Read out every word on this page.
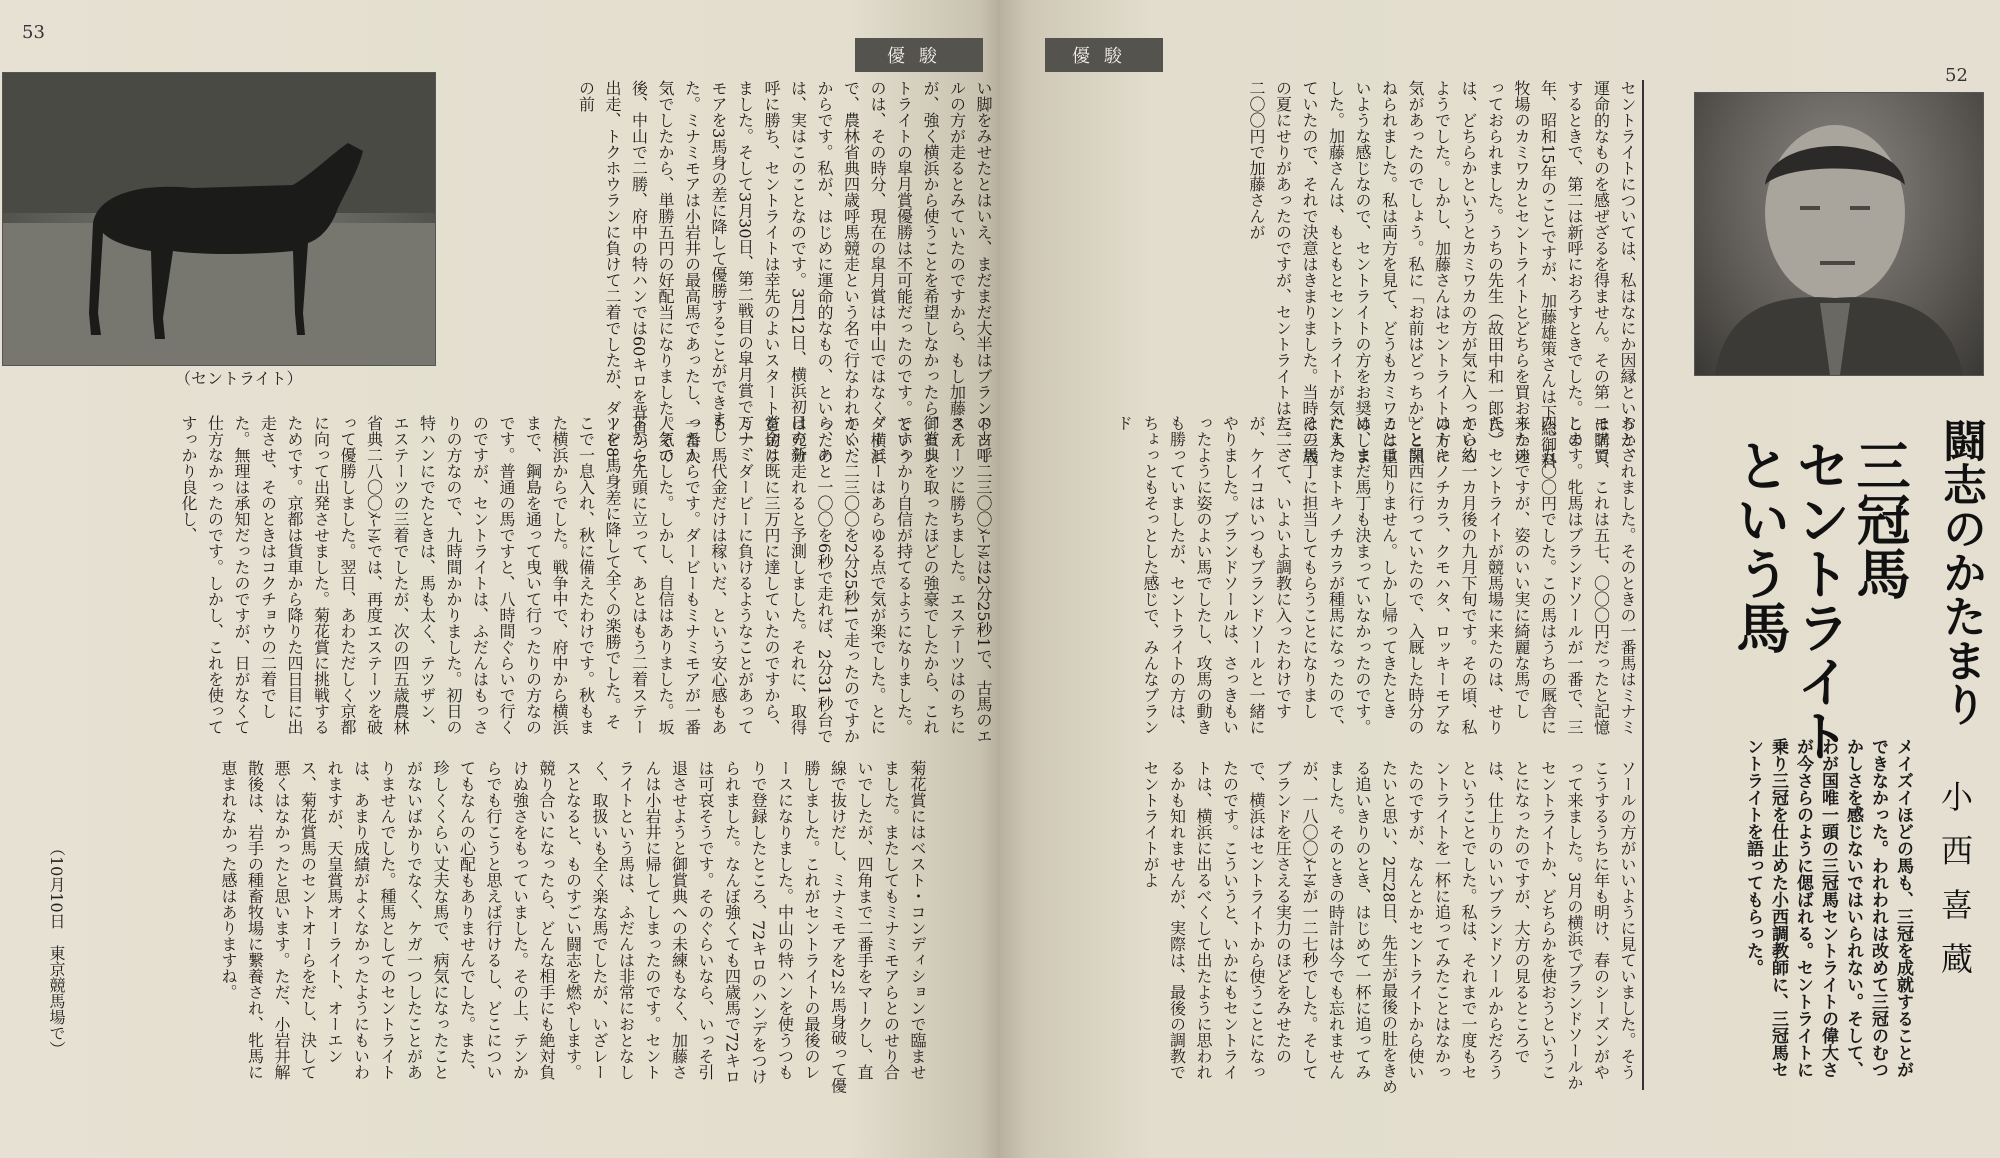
53
優駿
（セントライト）	い脚をみせたとはいえ、まだまだ大半はブランドソールの方が走るとみていたのですから、もし加藤さんが、強く横浜から使うことを希望しなかったら、セントライトの皐月賞優勝は不可能だったのです。というのは、その時分、現在の皐月賞は中山ではなく、横浜で、農林省典四歳呼馬競走という名で行なわれていたからです。私が、はじめに運命的なもの、といったのは、実はこのことなのです。3月12日、横浜初日の新呼に勝ち、セントライトは幸先のよいスタートを切りました。そして3月30日、第二戦目の皐月賞でミナミモアを3馬身の差に降して優勝することができました。ミナミモアは小岩井の最高馬であったし、一番人気でしたから、単勝五円の好配当になりました。その後、中山で二勝、府中の特ハンでは60キロを背負って出走、トクホウランに負けて二着でしたが、ダービーの前
の古呼二三〇〇ﾒｰﾄﾙは2分25秒1で、古馬のエステーツに勝ちました。エステーツはのちに御賞典を取ったほどの強豪でしたから、これですっかり自信が持てるようになりました。ダービーはあらゆる点で気が楽でした。とにかく、二三〇〇を2分25秒1で走ったのですから、あと一〇〇を6秒で走れば、2分31秒台では充分走れると予測しました。それに、取得賞金は既に三万円に達していたのですから、万一、ダービーに負けるようなことがあっても、馬代金だけは稼いだ、という安心感もあったからです。ダービーもミナミモアが一番人気でした。しかし、自信はありました。坂下から先頭に立って、あとはもう二着ステーツを8馬身差に降して全くの楽勝でした。そこで一息入れ、秋に備えたわけです。秋もまた横浜からでした。戦争中で、府中から横浜まで、鋼島を通って曳いて行ったりの方なのです。普通の馬ですと、八時間ぐらいで行くのですが、セントライトは、ふだんはもっさりの方なので、九時間かかりました。初日の特ハンにでたときは、馬も太く、テツザン、エステーツの三着でしたが、次の四五歳農林省典二八〇〇ﾒｰﾄﾙでは、再度エステーツを破って優勝しました。翌日、あわただしく京都に向って出発させました。菊花賞に挑戦するためです。京都は貨車から降りた四日目に出走させ、そのときはコクチョウの二着でした。無理は承知だったのですが、日がなくて仕方なかったのです。しかし、これを使ってすっかり良化し、
菊花賞にはベスト・コンディションで臨ませました。またしてもミナミモアらとのせり合いでしたが、四角まで二番手をマークし、直線で抜けだし、ミナミモアを2½馬身破って優勝しました。これがセントライトの最後のレースになりました。中山の特ハンを使うつもりで登録したところ、72キロのハンデをつけられました。なんぼ強くても四歳馬で72キロは可哀そうです。そのぐらいなら、いっそ引退させようと御賞典への未練もなく、加藤さんは小岩井に帰してしまったのです。セントライトという馬は、ふだんは非常におとなしく、取扱いも全く楽な馬でしたが、いざレースとなると、ものすごい闘志を燃やします。競り合いになったら、どんな相手にも絶対負けぬ強さをもっていました。その上、テンからでも行こうと思えば行けるし、どこについてもなんの心配もありませんでした。また、珍しくくらい丈夫な馬で、病気になったことがないばかりでなく、ケガ一つしたことがありませんでした。種馬としてのセントライトは、あまり成績がよくなかったようにもいわれますが、天皇賞馬オーライト、オーエンス、菊花賞馬のセントオーらをだし、決して悪くはなかったと思います。ただ、小岩井解散後は、岩手の種畜牧場に繋養され、牝馬に恵まれなかった感はありますね。
（10月10日　東京競馬場で）
52
優駿
セントライトについては、私はなにか因縁というか、運命的なものを感ぜざるを得ません。その第一は購買するときで、第二は新呼におろすときでした。この年、昭和15年のことですが、加藤雄策さんは下総御料牧場のカミワカとセントライトとどちらを買おうか迷っておられました。うちの先生（故田中和一郎氏）は、どちらかというとカミワカの方が気に入っているようでした。しかし、加藤さんはセントライトの方に気があったのでしょう。私に「お前はどっちか」と訊ねられました。私は両方を見て、どうもカミワカは重いような感じなので、セントライトの方をお奨めしました。加藤さんは、もともとセントライトが気に入っていたので、それで決意はきまりました。当時は三歳の夏にせりがあったのですが、セントライトは三二、二〇〇円で加藤さんが
おとされました。そのときの一番馬はミナミモアで、これは五七、〇〇〇円だったと記憶します。牝馬はブランドソールが一番で、三四、五〇〇円でした。この馬はうちの厩舎に来たのですが、姿のいい実に綺麗な馬でした。セントライトが競馬場に来たのは、せりから約一カ月後の九月下旬です。その頃、私はトキノチカラ、クモハタ、ロッキーモアなどと関西に行っていたので、入厩した時分のことは知りません。しかし帰ってきたときは、まだ馬丁も決まっていなかったのです。たまたまトキノチカラが種馬になったので、その馬丁に担当してもらうことになりました。さて、いよいよ調教に入ったわけですが、ケイコはいつもブランドソールと一緒にやりました。ブランドソールは、さっきもいったように姿のよい馬でしたし、攻馬の動きも勝っていましたが、セントライトの方は、ちょっともそっとした感じで、みんなブランド
ソールの方がいいように見ていました。そうこうするうちに年も明け、春のシーズンがやって来ました。3月の横浜でブランドソールかセントライトか、どちらかを使おうということになったのですが、大方の見るところでは、仕上りのいいブランドソールからだろうということでした。私は、それまで一度もセントライトを一杯に追ってみたことはなかったのですが、なんとかセントライトから使いたいと思い、2月28日、先生が最後の肚をきめる追いきりのとき、はじめて一杯に追ってみました。そのときの時計は今でも忘れませんが、一八〇〇ﾒｰﾄﾙが一二七秒でした。そしてブランドを圧さえる実力のほどをみせたので、横浜はセントライトから使うことになったのです。こういうと、いかにもセントライトは、横浜に出るべくして出たように思われるかも知れませんが、実際は、最後の調教でセントライトがよ
闘志のかたまり
三冠馬
セントライト
という馬
小西喜蔵
メイズイほどの馬も、三冠を成就することができなかった。われわれは改めて三冠のむつかしさを感じないではいられない。そして、わが国唯一頭の三冠馬セントライトの偉大さが今さらのように偲ばれる。セントライトに乗り三冠を仕止めた小西調教師に、三冠馬セントライトを語ってもらった。
